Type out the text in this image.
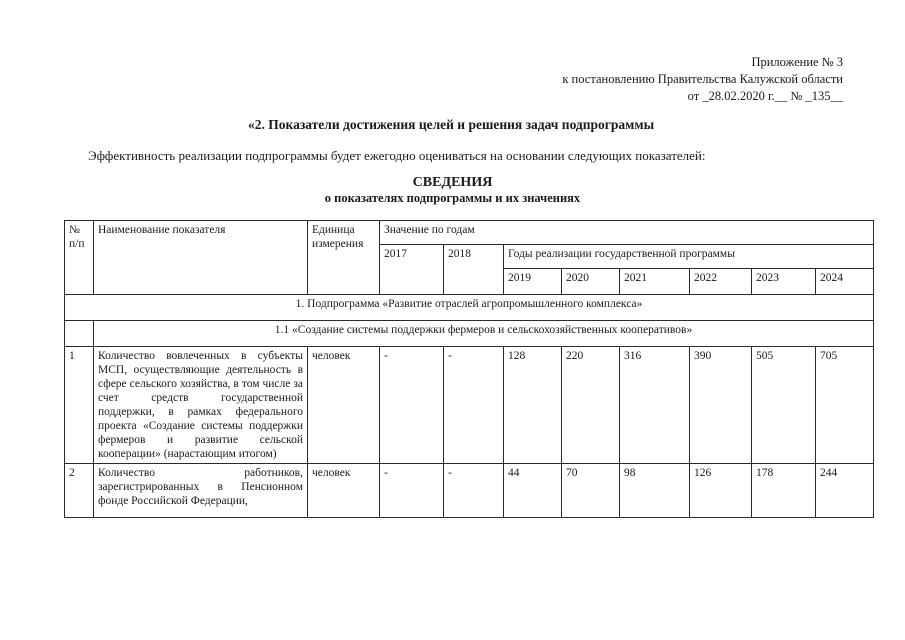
Приложение № 3
к постановлению Правительства Калужской области
от _28.02.2020 г.__ № _135__
«2. Показатели достижения целей и решения задач подпрограммы
Эффективность реализации подпрограммы будет ежегодно оцениваться на основании следующих показателей:
СВЕДЕНИЯ
о показателях подпрограммы и их значениях
№ п/п	Наименование показателя	Единица измерения	Значение по годам							
			2017	2018	Годы реализации государственной программы					
					2019	2020	2021	2022	2023	2024
1. Подпрограмма «Развитие отраслей агропромышленного комплекса»										
	1.1 «Создание системы поддержки фермеров и сельскохозяйственных кооперативов»									
1	Количество вовлеченных в субъекты МСП, осуществляющие деятельность в сфере сельского хозяйства, в том числе за счет средств государственной поддержки, в рамках федерального проекта «Создание системы поддержки фермеров и развитие сельской кооперации» (нарастающим итогом)	человек	-	-	128	220	316	390	505	705
2	Количество работников, зарегистрированных в Пенсионном фонде Российской Федерации,	человек	-	-	44	70	98	126	178	244
